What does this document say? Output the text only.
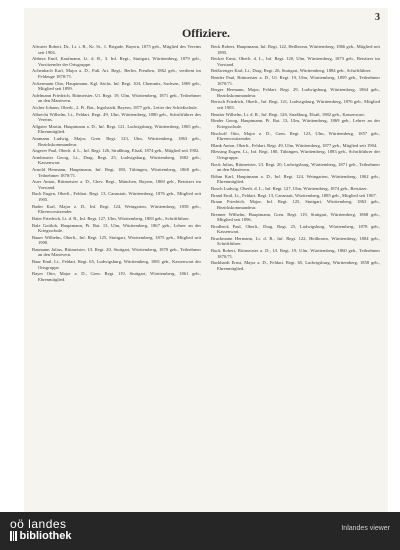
3
Offiziere.

Altvater Robert, Dr., Lt. i. R., Kr. St., 1. Brigade, Bayern, 1875 geb., Mitglied des Vereins seit 1904.

Abbera Emil, Kaufmann, Lt. d. R., 3. Inf. Regt., Stuttgart, Württemberg, 1879 geb., Vorsitzender der Ortsgruppe.

Achenbach Karl, Major a. D., Fuß. Art. Regt., Berlin, Preußen, 1862 geb., verdient im Feldzuge 1870/71.

Ackermann Otto, Hauptmann, Kgl. Sächs. Inf. Regt. 104, Chemnitz, Sachsen, 1869 geb., Mitglied seit 1899.

Adelmann Friedrich, Rittmeister, Ul. Regt. 19, Ulm, Württemberg, 1871 geb., Teilnehmer an den Manövern.

Aicher Johann, Oberlt., 2. Pi. Bat., Ingolstadt, Bayern, 1877 geb., Leiter der Schießschule.

Albrecht Wilhelm, Lt., Feldart. Regt. 49, Ulm, Württemberg, 1880 geb., Schriftführer des Vereins.

Allgaier Martin, Hauptmann a. D., Inf. Regt. 121, Ludwigsburg, Württemberg, 1865 geb., Ehrenmitglied.

Ammann Ludwig, Major, Gren. Regt. 123, Ulm, Württemberg, 1863 geb., Bezirkskommandeur.

Angerer Paul, Oberlt. d. L., Inf. Regt. 126, Straßburg, Elsaß, 1874 geb., Mitglied seit 1902.

Armbruster Georg, Lt., Drag. Regt. 25, Ludwigsburg, Württemberg, 1882 geb., Kassenwart.

Arnold Hermann, Hauptmann, Inf. Regt. 180, Tübingen, Württemberg, 1868 geb., Teilnehmer 1870/71.

Auer Anton, Rittmeister a. D., Chev. Regt., München, Bayern, 1860 geb., Beisitzer im Vorstand.

Bach Eugen, Oberlt., Feldart. Regt. 13, Cannstatt, Württemberg, 1876 geb., Mitglied seit 1905.

Bader Karl, Major z. D., Inf. Regt. 124, Weingarten, Württemberg, 1858 geb., Ehrenvorsitzender.

Baier Friedrich, Lt. d. R., Inf. Regt. 127, Ulm, Württemberg, 1883 geb., Schriftführer.

Balz Gottlob, Hauptmann, Pi. Bat. 13, Ulm, Württemberg, 1867 geb., Lehrer an der Kriegsschule.

Bauer Wilhelm, Oberlt., Inf. Regt. 125, Stuttgart, Württemberg, 1875 geb., Mitglied seit 1900.

Baumann Julius, Rittmeister, Ul. Regt. 20, Stuttgart, Württemberg, 1870 geb., Teilnehmer an den Manövern.

Baur Emil, Lt., Feldart. Regt. 65, Ludwigsburg, Württemberg, 1881 geb., Kassenwart der Ortsgruppe.

Bayer Otto, Major a. D., Gren. Regt. 119, Stuttgart, Württemberg, 1861 geb., Ehrenmitglied.

Beck Robert, Hauptmann, Inf. Regt. 122, Heilbronn, Württemberg, 1866 geb., Mitglied seit 1895.

Becker Ernst, Oberlt. d. L., Inf. Regt. 120, Ulm, Württemberg, 1873 geb., Beisitzer im Vorstand.

Beißwenger Karl, Lt., Drag. Regt. 26, Stuttgart, Württemberg, 1884 geb., Schriftführer.

Bender Paul, Rittmeister a. D., Ul. Regt. 19, Ulm, Württemberg, 1859 geb., Teilnehmer 1870/71.

Berger Hermann, Major, Feldart. Regt. 29, Ludwigsburg, Württemberg, 1864 geb., Bezirkskommandeur.

Bertsch Friedrich, Oberlt., Inf. Regt. 121, Ludwigsburg, Württemberg, 1876 geb., Mitglied seit 1903.

Beutter Wilhelm, Lt. d. R., Inf. Regt. 126, Straßburg, Elsaß, 1882 geb., Kassenwart.

Binder Georg, Hauptmann, Pi. Bat. 13, Ulm, Württemberg, 1869 geb., Lehrer an der Kriegsschule.

Bischoff Otto, Major z. D., Gren. Regt. 123, Ulm, Württemberg, 1857 geb., Ehrenvorsitzender.

Blank Anton, Oberlt., Feldart. Regt. 49, Ulm, Württemberg, 1877 geb., Mitglied seit 1904.

Blessing Eugen, Lt., Inf. Regt. 180, Tübingen, Württemberg, 1883 geb., Schriftführer der Ortsgruppe.

Bock Julius, Rittmeister, Ul. Regt. 20, Ludwigsburg, Württemberg, 1871 geb., Teilnehmer an den Manövern.

Böhm Karl, Hauptmann a. D., Inf. Regt. 124, Weingarten, Württemberg, 1862 geb., Ehrenmitglied.

Bosch Ludwig, Oberlt. d. L., Inf. Regt. 127, Ulm, Württemberg, 1874 geb., Beisitzer.

Brand Emil, Lt., Feldart. Regt. 13, Cannstatt, Württemberg, 1885 geb., Mitglied seit 1907.

Braun Friedrich, Major, Inf. Regt. 125, Stuttgart, Württemberg, 1863 geb., Bezirkskommandeur.

Brenner Wilhelm, Hauptmann, Gren. Regt. 119, Stuttgart, Württemberg, 1868 geb., Mitglied seit 1896.

Brodbeck Paul, Oberlt., Drag. Regt. 25, Ludwigsburg, Württemberg, 1878 geb., Kassenwart.

Bruckmann Hermann, Lt. d. R., Inf. Regt. 122, Heilbronn, Württemberg, 1884 geb., Schriftführer.

Buck Robert, Rittmeister a. D., Ul. Regt. 19, Ulm, Württemberg, 1860 geb., Teilnehmer 1870/71.

Burkhardt Ernst, Major a. D., Feldart. Regt. 65, Ludwigsburg, Württemberg, 1858 geb., Ehrenmitglied.

oö landes
bibliothek
Inlandes viewer
